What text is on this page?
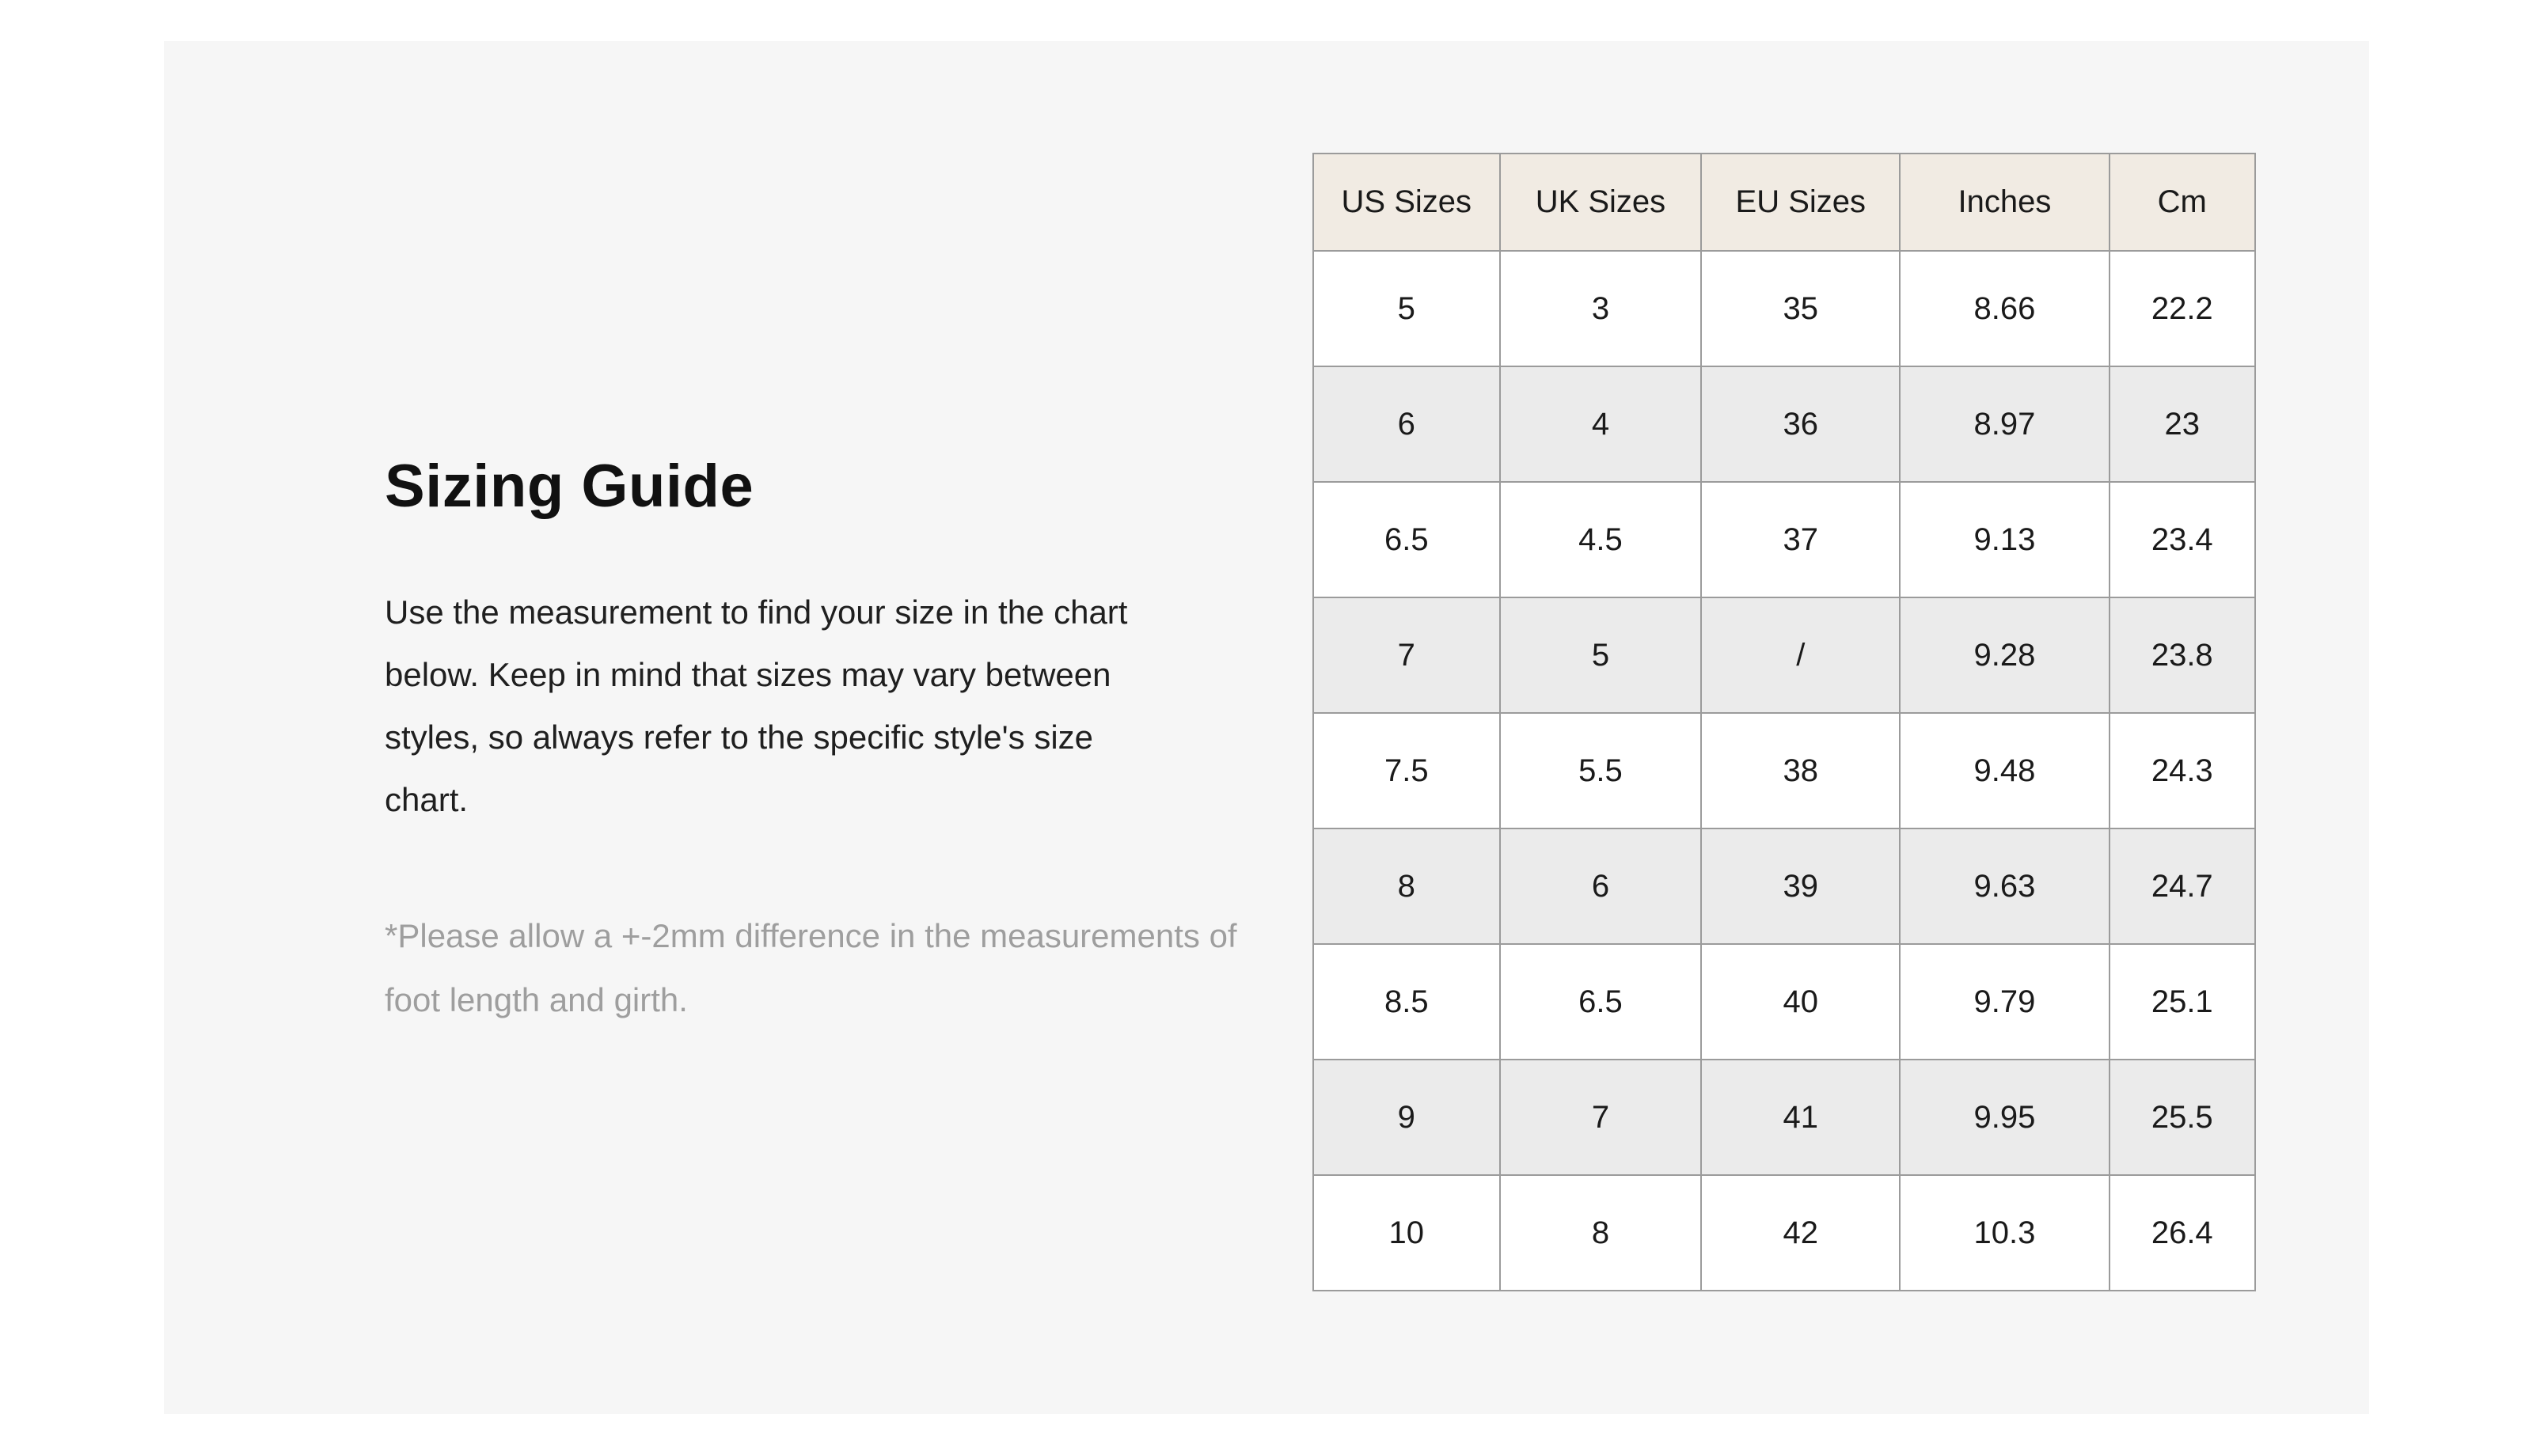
Sizing Guide

Use the measurement to find your size in the chart below. Keep in mind that sizes may vary between styles, so always refer to the specific style's size chart.

*Please allow a +-2mm difference in the measurements of foot length and girth.

US Sizes	UK Sizes	EU Sizes	Inches	Cm
5	3	35	8.66	22.2
6	4	36	8.97	23
6.5	4.5	37	9.13	23.4
7	5	/	9.28	23.8
7.5	5.5	38	9.48	24.3
8	6	39	9.63	24.7
8.5	6.5	40	9.79	25.1
9	7	41	9.95	25.5
10	8	42	10.3	26.4
